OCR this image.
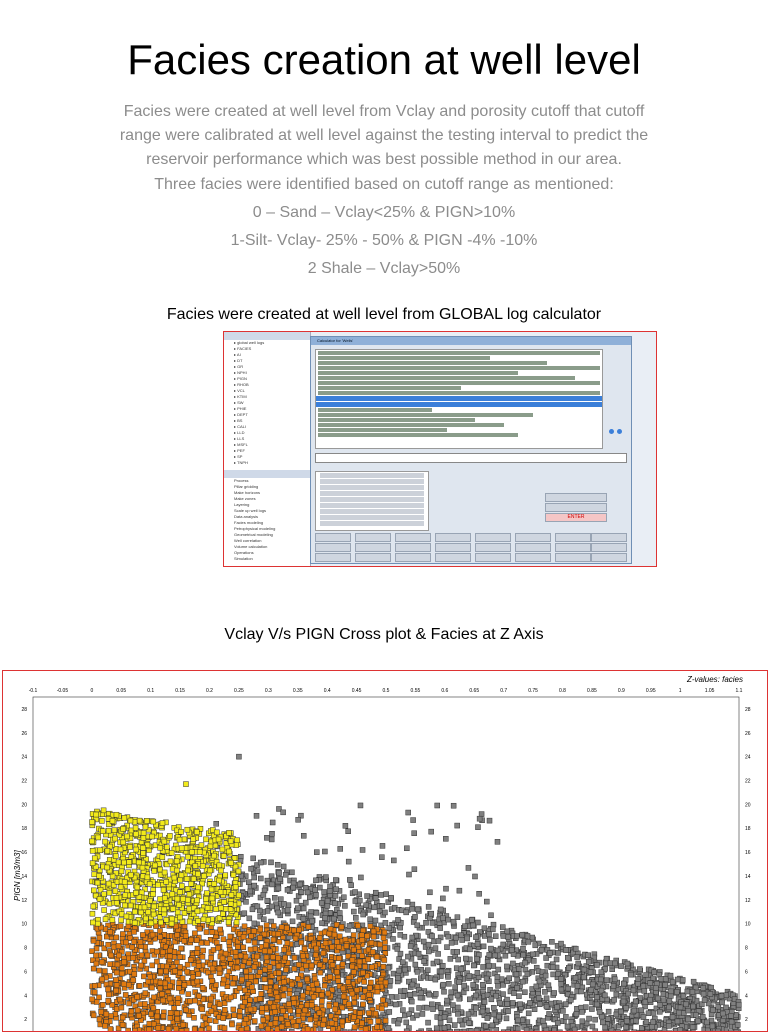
Facies creation at well level
Facies were created at well level from Vclay and porosity cutoff that cutoff range were calibrated at well level against the testing interval to predict the reservoir performance which was best possible method in our area.
Three facies were identified based on cutoff range as mentioned:
0 – Sand – Vclay<25% & PIGN>10%
1-Silt- Vclay- 25% - 50% & PIGN -4% -10%
2 Shale – Vclay>50%
Facies were created at well level from GLOBAL log calculator
▸ global well logs
▸ FACIES
▸ AI
▸ DT
▸ GR
▸ NPHI
▸ PIGN
▸ RHOB
▸ VCL
▸ KTIM
▸ SW
▸ PHIE
▸ DEPT
▸ BS
▸ CALI
▸ LLD
▸ LLS
▸ MSFL
▸ PEF
▸ SP
▸ TNPH
Process
Pillar gridding
Make horizons
Make zones
Layering
Scale up well logs
Data analysis
Facies modeling
Petrophysical modeling
Geometrical modeling
Well correlation
Volume calculation
Operations
Simulation
Calculator for 'Wells'
ENTER
Vclay V/s PIGN Cross plot & Facies at Z Axis
Z-values: facies
PIGN [m3/m3]
-0.1	-0.05	0	0.05	0.1	0.15	0.2	0.25	0.3	0.35	0.4	0.45	0.5	0.55	0.6	0.65	0.7	0.75	0.8	0.85	0.9	0.95	1	1.05	1.1
2	2
4	4
6	6
8	8
10	10
12	12
14	14
16	16
18	18
20	20
22	22
24	24
26	26
28	28
